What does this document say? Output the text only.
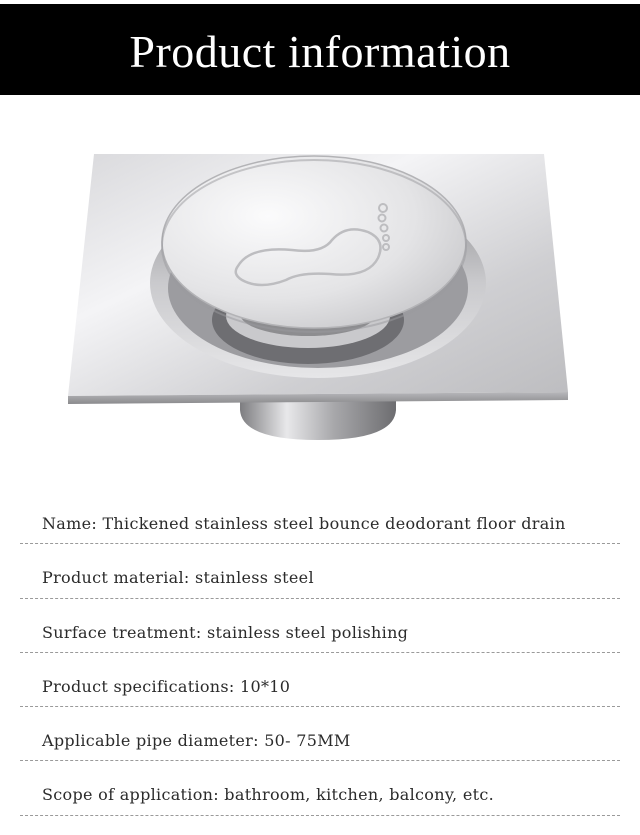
Product information
Name: Thickened stainless steel bounce deodorant floor drain
Product material: stainless steel
Surface treatment: stainless steel polishing
Product specifications: 10*10
Applicable pipe diameter: 50- 75MM
Scope of application: bathroom, kitchen, balcony, etc.
